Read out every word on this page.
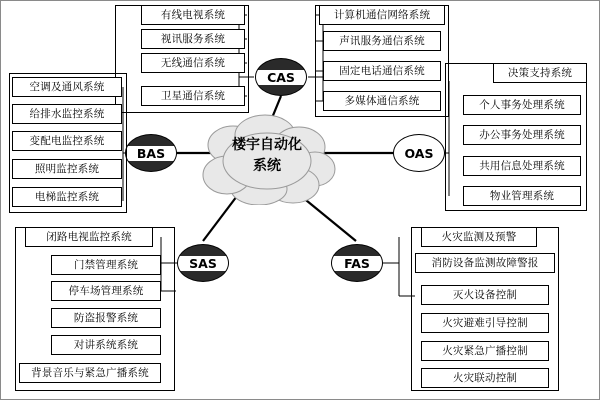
楼宇自动化
系统
CAS
BAS	OAS
SAS	FAS
有线电视系统
视讯服务系统
无线通信系统
卫星通信系统
计算机通信网络系统
声讯服务通信系统
固定电话通信系统
多媒体通信系统
空调及通风系统
给排水监控系统
变配电监控系统
照明监控系统
电梯监控系统
决策支持系统
个人事务处理系统
办公事务处理系统
共用信息处理系统
物业管理系统
闭路电视监控系统
门禁管理系统
停车场管理系统
防盗报警系统
对讲系统系统
背景音乐与紧急广播系统
火灾监测及预警
消防设备监测故障警报
灭火设备控制
火灾避难引导控制
火灾紧急广播控制
火灾联动控制
